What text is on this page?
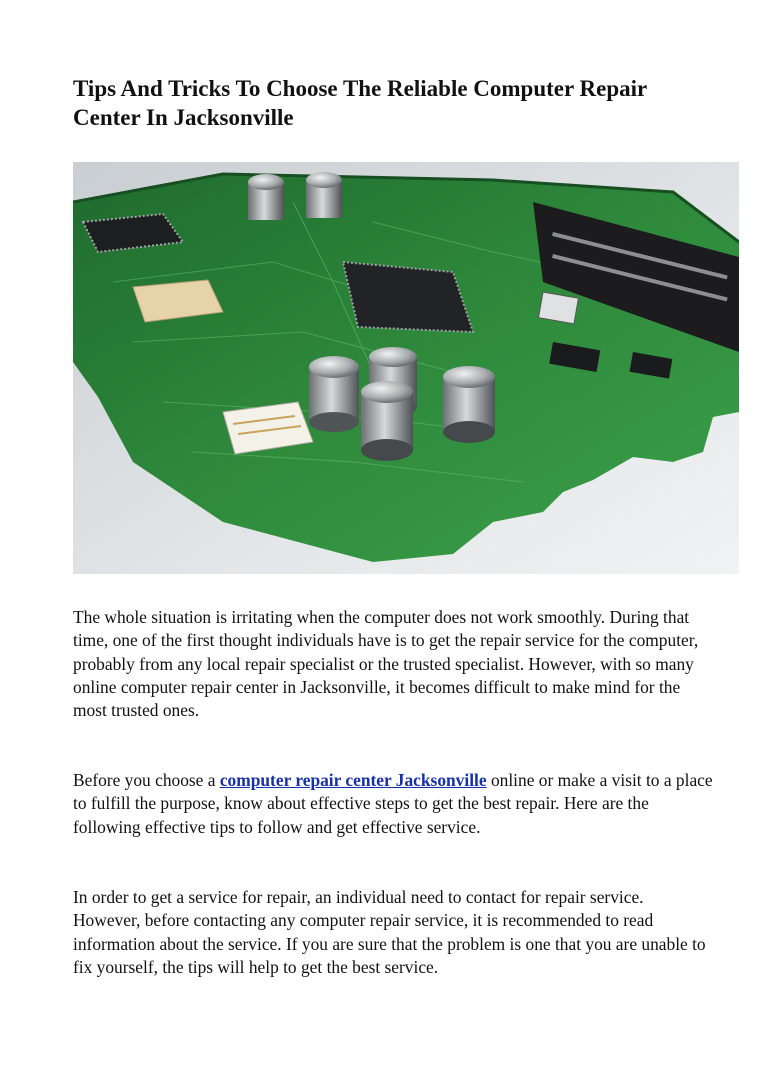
Tips And Tricks To Choose The Reliable Computer Repair Center In Jacksonville

The whole situation is irritating when the computer does not work smoothly. During that time, one of the first thought individuals have is to get the repair service for the computer, probably from any local repair specialist or the trusted specialist. However, with so many online computer repair center in Jacksonville, it becomes difficult to make mind for the most trusted ones.

Before you choose a computer repair center Jacksonville online or make a visit to a place to fulfill the purpose, know about effective steps to get the best repair. Here are the following effective tips to follow and get effective service.

In order to get a service for repair, an individual need to contact for repair service. However, before contacting any computer repair service, it is recommended to read information about the service. If you are sure that the problem is one that you are unable to fix yourself, the tips will help to get the best service.
